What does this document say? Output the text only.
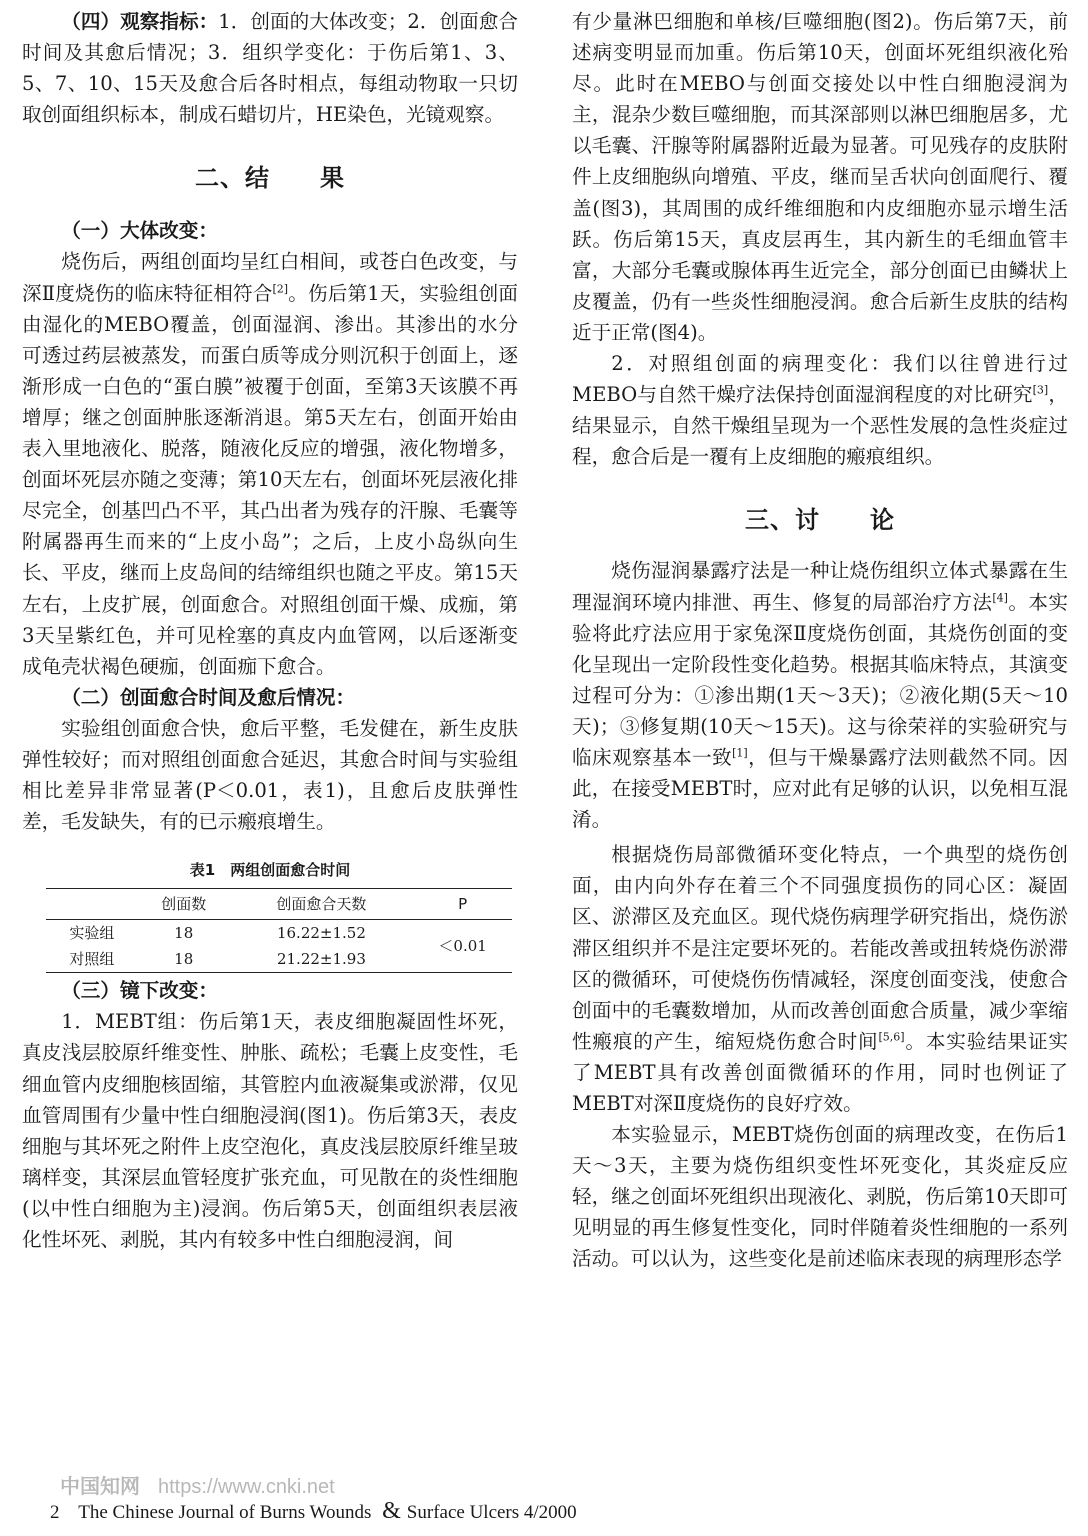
（四）观察指标：1．创面的大体改变；2．创面愈合时间及其愈后情况；3．组织学变化：于伤后第1、3、5、7、10、15天及愈合后各时相点，每组动物取一只切取创面组织标本，制成石蜡切片，HE染色，光镜观察。

二、结　　果

（一）大体改变：

烧伤后，两组创面均呈红白相间，或苍白色改变，与深Ⅱ度烧伤的临床特征相符合[2]。伤后第1天，实验组创面由湿化的MEBO覆盖，创面湿润、渗出。其渗出的水分可透过药层被蒸发，而蛋白质等成分则沉积于创面上，逐渐形成一白色的“蛋白膜”被覆于创面，至第3天该膜不再增厚；继之创面肿胀逐渐消退。第5天左右，创面开始由表入里地液化、脱落，随液化反应的增强，液化物增多，创面坏死层亦随之变薄；第10天左右，创面坏死层液化排尽完全，创基凹凸不平，其凸出者为残存的汗腺、毛囊等附属器再生而来的“上皮小岛”；之后，上皮小岛纵向生长、平皮，继而上皮岛间的结缔组织也随之平皮。第15天左右，上皮扩展，创面愈合。对照组创面干燥、成痂，第3天呈紫红色，并可见栓塞的真皮内血管网，以后逐渐变成龟壳状褐色硬痂，创面痂下愈合。

（二）创面愈合时间及愈后情况：

实验组创面愈合快，愈后平整，毛发健在，新生皮肤弹性较好；而对照组创面愈合延迟，其愈合时间与实验组相比差异非常显著(P＜0.01，表1)，且愈后皮肤弹性差，毛发缺失，有的已示瘢痕增生。

表1　两组创面愈合时间
	创面数	创面愈合天数	P
实验组	18	16.22±1.52	＜0.01
对照组	18	21.22±1.93	

（三）镜下改变：

1．MEBT组：伤后第1天，表皮细胞凝固性坏死，真皮浅层胶原纤维变性、肿胀、疏松；毛囊上皮变性，毛细血管内皮细胞核固缩，其管腔内血液凝集或淤滞，仅见血管周围有少量中性白细胞浸润(图1)。伤后第3天，表皮细胞与其坏死之附件上皮空泡化，真皮浅层胶原纤维呈玻璃样变，其深层血管轻度扩张充血，可见散在的炎性细胞(以中性白细胞为主)浸润。伤后第5天，创面组织表层液化性坏死、剥脱，其内有较多中性白细胞浸润，间

有少量淋巴细胞和单核/巨噬细胞(图2)。伤后第7天，前述病变明显而加重。伤后第10天，创面坏死组织液化殆尽。此时在MEBO与创面交接处以中性白细胞浸润为主，混杂少数巨噬细胞，而其深部则以淋巴细胞居多，尤以毛囊、汗腺等附属器附近最为显著。可见残存的皮肤附件上皮细胞纵向增殖、平皮，继而呈舌状向创面爬行、覆盖(图3)，其周围的成纤维细胞和内皮细胞亦显示增生活跃。伤后第15天，真皮层再生，其内新生的毛细血管丰富，大部分毛囊或腺体再生近完全，部分创面已由鳞状上皮覆盖，仍有一些炎性细胞浸润。愈合后新生皮肤的结构近于正常(图4)。

2．对照组创面的病理变化：我们以往曾进行过MEBO与自然干燥疗法保持创面湿润程度的对比研究[3]，结果显示，自然干燥组呈现为一个恶性发展的急性炎症过程，愈合后是一覆有上皮细胞的瘢痕组织。

三、讨　　论

烧伤湿润暴露疗法是一种让烧伤组织立体式暴露在生理湿润环境内排泄、再生、修复的局部治疗方法[4]。本实验将此疗法应用于家兔深Ⅱ度烧伤创面，其烧伤创面的变化呈现出一定阶段性变化趋势。根据其临床特点，其演变过程可分为：①渗出期(1天～3天)；②液化期(5天～10天)；③修复期(10天～15天)。这与徐荣祥的实验研究与临床观察基本一致[1]，但与干燥暴露疗法则截然不同。因此，在接受MEBT时，应对此有足够的认识，以免相互混淆。

根据烧伤局部微循环变化特点，一个典型的烧伤创面，由内向外存在着三个不同强度损伤的同心区：凝固区、淤滞区及充血区。现代烧伤病理学研究指出，烧伤淤滞区组织并不是注定要坏死的。若能改善或扭转烧伤淤滞区的微循环，可使烧伤伤情减轻，深度创面变浅，使愈合创面中的毛囊数增加，从而改善创面愈合质量，减少挛缩性瘢痕的产生，缩短烧伤愈合时间[5,6]。本实验结果证实了MEBT具有改善创面微循环的作用，同时也例证了MEBT对深Ⅱ度烧伤的良好疗效。

本实验显示，MEBT烧伤创面的病理改变，在伤后1天～3天，主要为烧伤组织变性坏死变化，其炎症反应轻，继之创面坏死组织出现液化、剥脱，伤后第10天即可见明显的再生修复性变化，同时伴随着炎性细胞的一系列活动。可以认为，这些变化是前述临床表现的病理形态学

中国知网 https://www.cnki.net
2 The Chinese Journal of Burns Wounds & Surface Ulcers 4/2000
